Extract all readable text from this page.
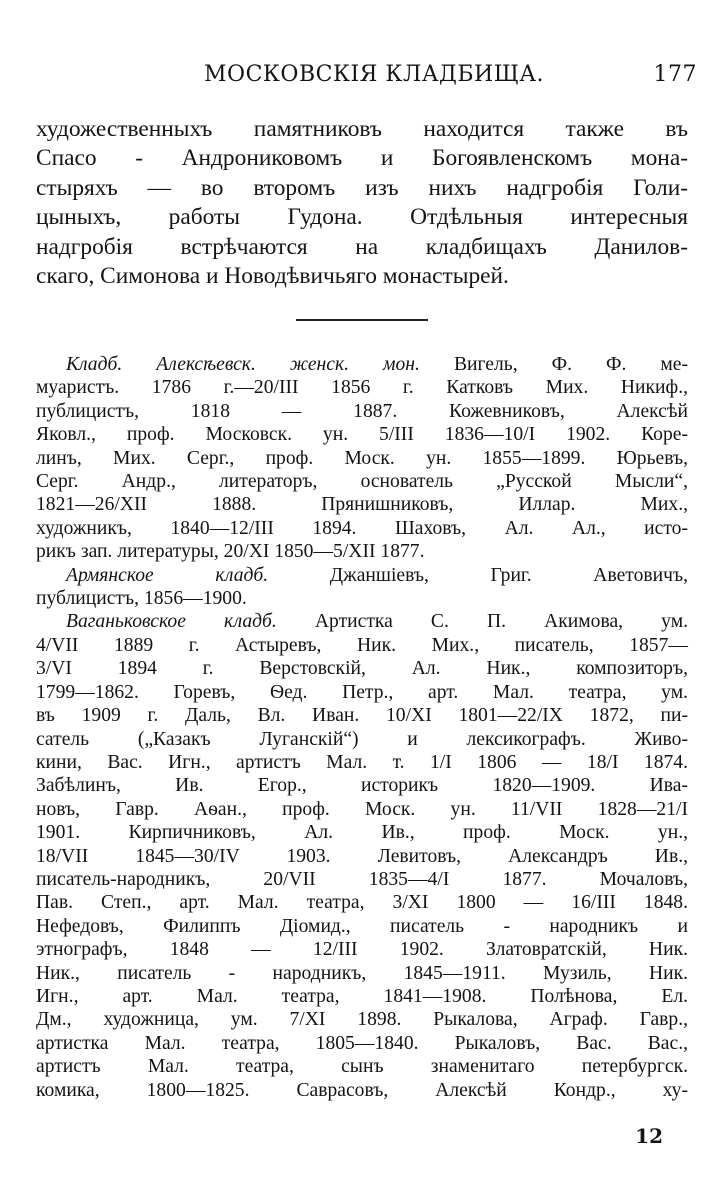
МОСКОВСКІЯ КЛАДБИЩА.	177
художественныхъ памятниковъ находится также въ
Спасо - Андрониковомъ и Богоявленскомъ мона-
стыряхъ — во второмъ изъ нихъ надгробія Голи-
цыныхъ, работы Гудона. Отдѣльныя интересныя
надгробія встрѣчаются на кладбищахъ Данилов-
скаго, Симонова и Новодѣвичьяго монастырей.
Кладб. Алексѣевск. женск. мон. Вигель, Ф. Ф. ме-
муаристъ. 1786 г.—20/III 1856 г. Катковъ Мих. Никиф.,
публицистъ, 1818 — 1887. Кожевниковъ, Алексѣй
Яковл., проф. Московск. ун. 5/III 1836—10/I 1902. Коре-
линъ, Мих. Серг., проф. Моск. ун. 1855—1899. Юрьевъ,
Серг. Андр., литераторъ, основатель „Русской Мысли“,
1821—26/XII 1888. Прянишниковъ, Иллар. Мих.,
художникъ, 1840—12/III 1894. Шаховъ, Ал. Ал., исто-
рикъ зап. литературы, 20/XI 1850—5/XII 1877.
Армянское кладб. Джаншіевъ, Григ. Аветовичъ,
публицистъ, 1856—1900.
Ваганьковское кладб. Артистка С. П. Акимова, ум.
4/VII 1889 г. Астыревъ, Ник. Мих., писатель, 1857—
3/VI 1894 г. Верстовскій, Ал. Ник., композиторъ,
1799—1862. Горевъ, Ѳед. Петр., арт. Мал. театра, ум.
въ 1909 г. Даль, Вл. Иван. 10/XI 1801—22/IX 1872, пи-
сатель („Казакъ Луганскій“) и лексикографъ. Живо-
кини, Вас. Игн., артистъ Мал. т. 1/I 1806 — 18/I 1874.
Забѣлинъ, Ив. Егор., историкъ 1820—1909. Ива-
новъ, Гавр. Аѳан., проф. Моск. ун. 11/VII 1828—21/I
1901. Кирпичниковъ, Ал. Ив., проф. Моск. ун.,
18/VII 1845—30/IV 1903. Левитовъ, Александръ Ив.,
писатель-народникъ, 20/VII 1835—4/I 1877. Мочаловъ,
Пав. Степ., арт. Мал. театра, 3/XI 1800 — 16/III 1848.
Нефедовъ, Филиппъ Діомид., писатель - народникъ и
этнографъ, 1848 — 12/III 1902. Златовратскій, Ник.
Ник., писатель - народникъ, 1845—1911. Музиль, Ник.
Игн., арт. Мал. театра, 1841—1908. Полѣнова, Ел.
Дм., художница, ум. 7/XI 1898. Рыкалова, Аграф. Гавр.,
артистка Мал. театра, 1805—1840. Рыкаловъ, Вас. Вас.,
артистъ Мал. театра, сынъ знаменитаго петербургск.
комика, 1800—1825. Саврасовъ, Алексѣй Кондр., ху-
12
